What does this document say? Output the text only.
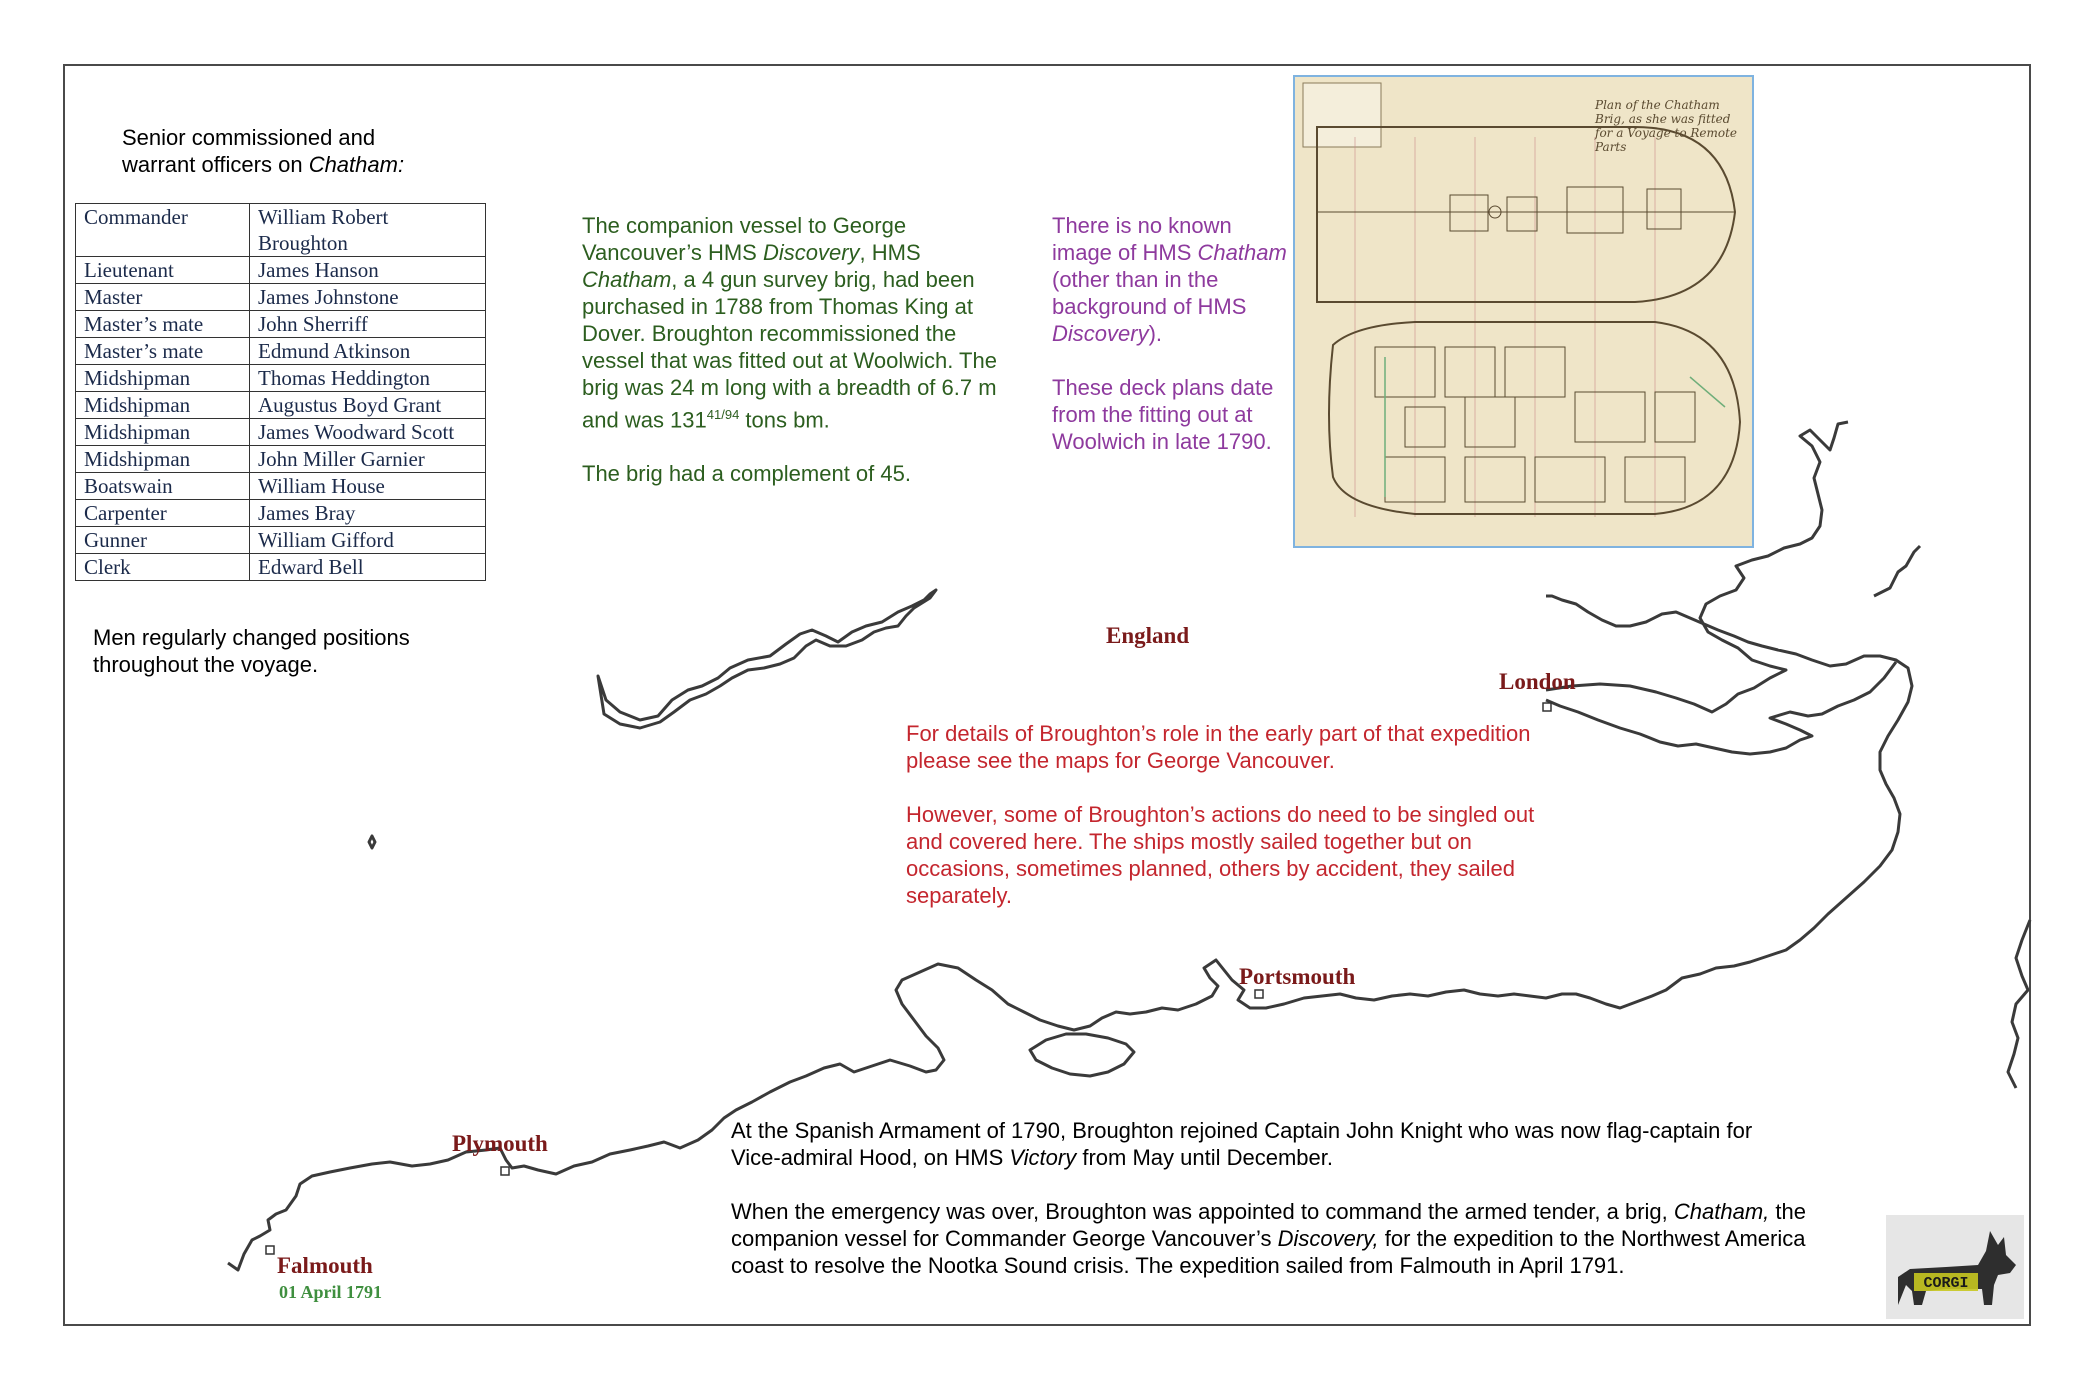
Senior commissioned and
warrant officers on Chatham:
Commander	William Robert Broughton
Lieutenant	James Hanson
Master	James Johnstone
Master’s mate	John Sherriff
Master’s mate	Edmund Atkinson
Midshipman	Thomas Heddington
Midshipman	Augustus Boyd Grant
Midshipman	James Woodward Scott
Midshipman	John Miller Garnier
Boatswain	William House
Carpenter	James Bray
Gunner	William Gifford
Clerk	Edward Bell
Men regularly changed positions throughout the voyage.

The companion vessel to George Vancouver’s HMS Discovery, HMS Chatham, a 4 gun survey brig, had been purchased in 1788 from Thomas King at Dover. Broughton recommissioned the vessel that was fitted out at Woolwich. The brig was 24 m long with a breadth of 6.7 m and was $131^{41/94}$ tons bm.

The brig had a complement of 45.

There is no known image of HMS Chatham (other than in the background of HMS Discovery).

These deck plans date from the fitting out at Woolwich in late 1790.

Plan of the Chatham Brig, as she was fitted for a Voyage to Remote Parts

For details of Broughton’s role in the early part of that expedition please see the maps for George Vancouver.

However, some of Broughton’s actions do need to be singled out and covered here. The ships mostly sailed together but on occasions, sometimes planned, others by accident, they sailed separately.

At the Spanish Armament of 1790, Broughton rejoined Captain John Knight who was now flag-captain for Vice-admiral Hood, on HMS Victory from May until December.

When the emergency was over, Broughton was appointed to command the armed tender, a brig, Chatham, the companion vessel for Commander George Vancouver’s Discovery, for the expedition to the Northwest America coast to resolve the Nootka Sound crisis. The expedition sailed from Falmouth in April 1791.

England
London
Portsmouth
Plymouth
Falmouth
01 April 1791	CORGI
